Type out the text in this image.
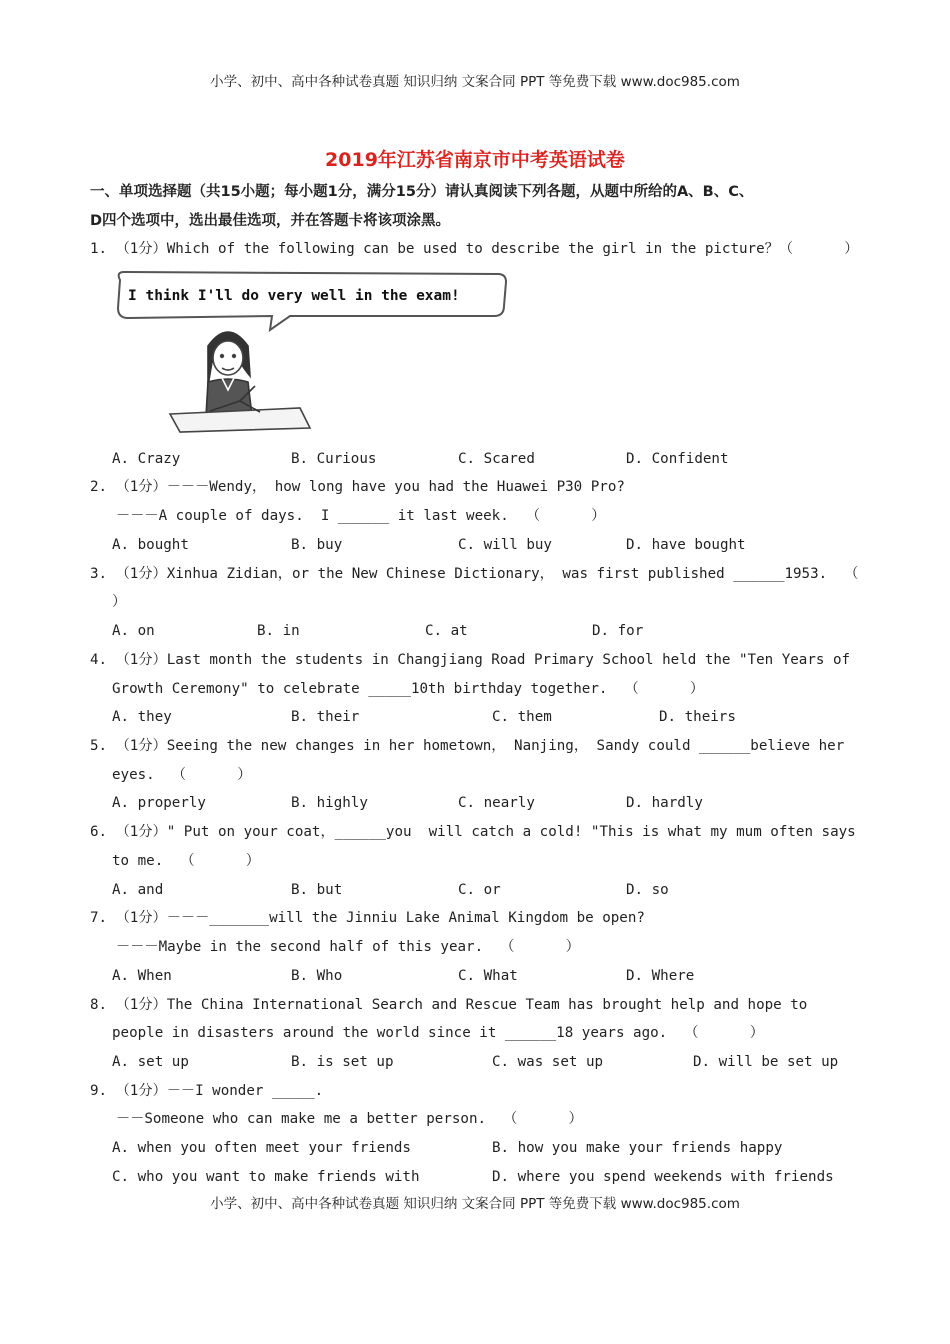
小学、初中、高中各种试卷真题 知识归纳 文案合同 PPT 等免费下载 www.doc985.com
2019年江苏省南京市中考英语试卷
一、单项选择题（共15小题；每小题1分，满分15分）请认真阅读下列各题，从题中所给的A、B、C、
D四个选项中，选出最佳选项，并在答题卡将该项涂黑。
1. （1分）Which of the following can be used to describe the girl in the picture？（      ）
I think I'll do very well in the exam!
A. Crazy	B. Curious	C. Scared	D. Confident
2. （1分）－－－Wendy， how long have you had the Huawei P30 Pro?
－－－A couple of days.  I ______ it last week.  （      ）
A. bought	B. buy	C. will buy	D. have bought
3. （1分）Xinhua Zidian，or the New Chinese Dictionary， was first published ______1953.  （
）
A. on	B. in	C. at	D. for
4. （1分）Last month the students in Changjiang Road Primary School held the "Ten Years of
Growth Ceremony" to celebrate _____10th birthday together.  （      ）
A. they	B. their	C. them	D. theirs
5. （1分）Seeing the new changes in her hometown， Nanjing， Sandy could ______believe her
eyes.  （      ）
A. properly	B. highly	C. nearly	D. hardly
6. （1分）" Put on your coat，______you  will catch a cold! "This is what my mum often says
to me.  （      ）
A. and	B. but	C. or	D. so
7. （1分）－－－_______will the Jinniu Lake Animal Kingdom be open?
－－－Maybe in the second half of this year.  （      ）
A. When	B. Who	C. What	D. Where
8. （1分）The China International Search and Rescue Team has brought help and hope to
people in disasters around the world since it ______18 years ago.  （      ）
A. set up	B. is set up	C. was set up	D. will be set up
9. （1分）－－I wonder _____.
－－Someone who can make me a better person.  （      ）
A. when you often meet your friends	B. how you make your friends happy
C. who you want to make friends with	D. where you spend weekends with friends
小学、初中、高中各种试卷真题 知识归纳 文案合同 PPT 等免费下载 www.doc985.com
